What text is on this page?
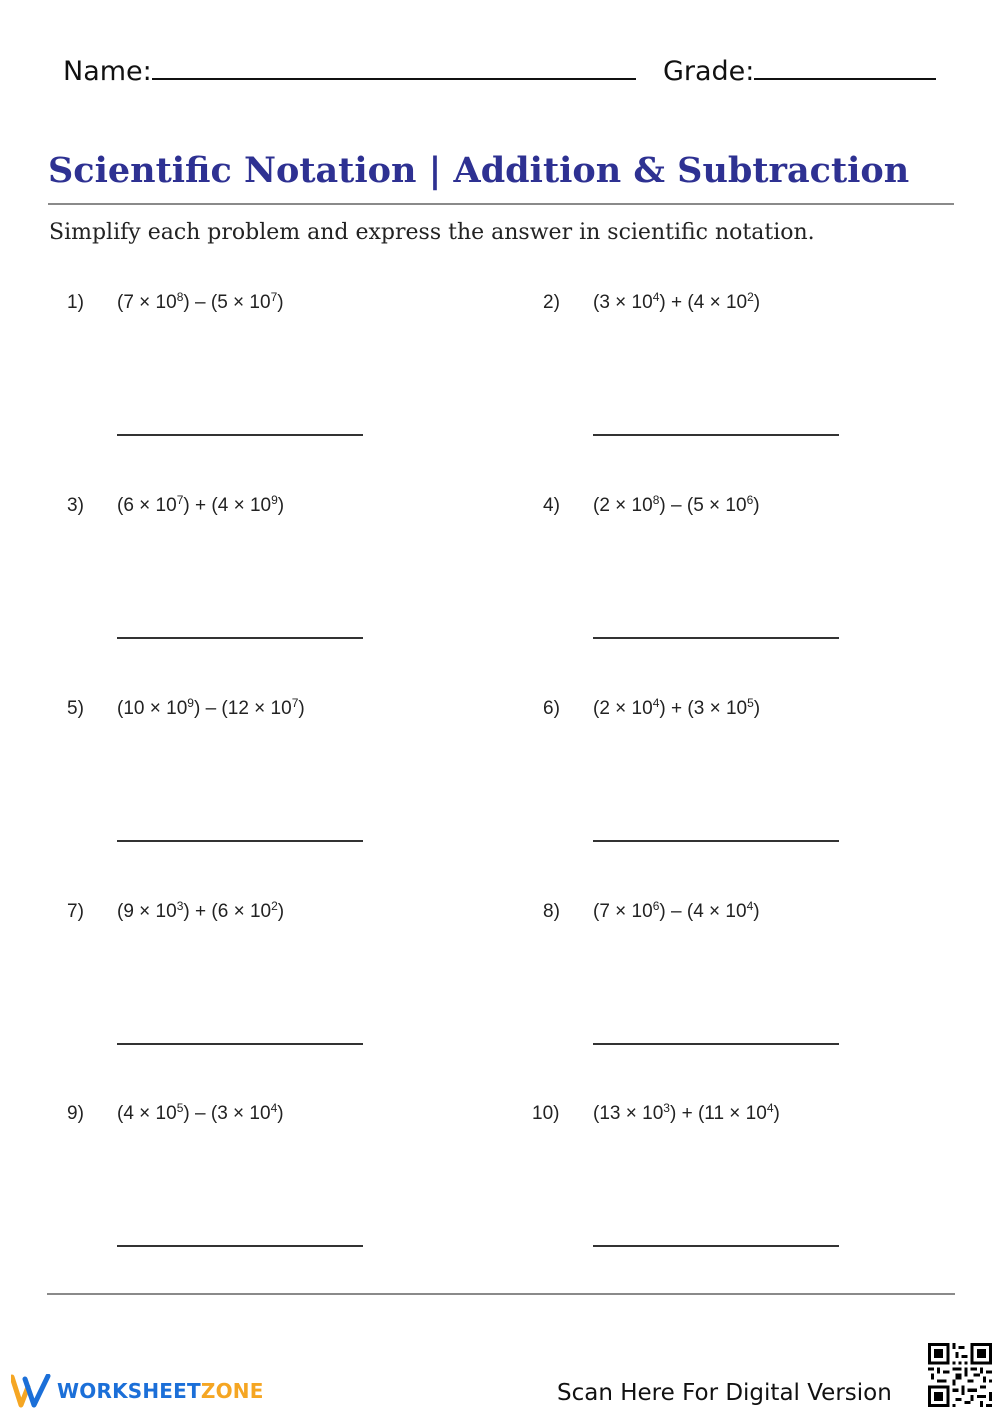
Name:	Grade:
Scientific Notation | Addition & Subtraction
Simplify each problem and express the answer in scientific notation.
1) $(7 \times 10^8) - (5 \times 10^7)$	2) $(3 \times 10^4) + (4 \times 10^2)$
3) $(6 \times 10^7) + (4 \times 10^9)$	4) $(2 \times 10^8) - (5 \times 10^6)$
5) $(10 \times 10^9) - (12 \times 10^7)$	6) $(2 \times 10^4) + (3 \times 10^5)$
7) $(9 \times 10^3) + (6 \times 10^2)$	8) $(7 \times 10^6) - (4 \times 10^4)$
9) $(4 \times 10^5) - (3 \times 10^4)$	10) $(13 \times 10^3) + (11 \times 10^4)$
WORKSHEETZONE	Scan Here For Digital Version
